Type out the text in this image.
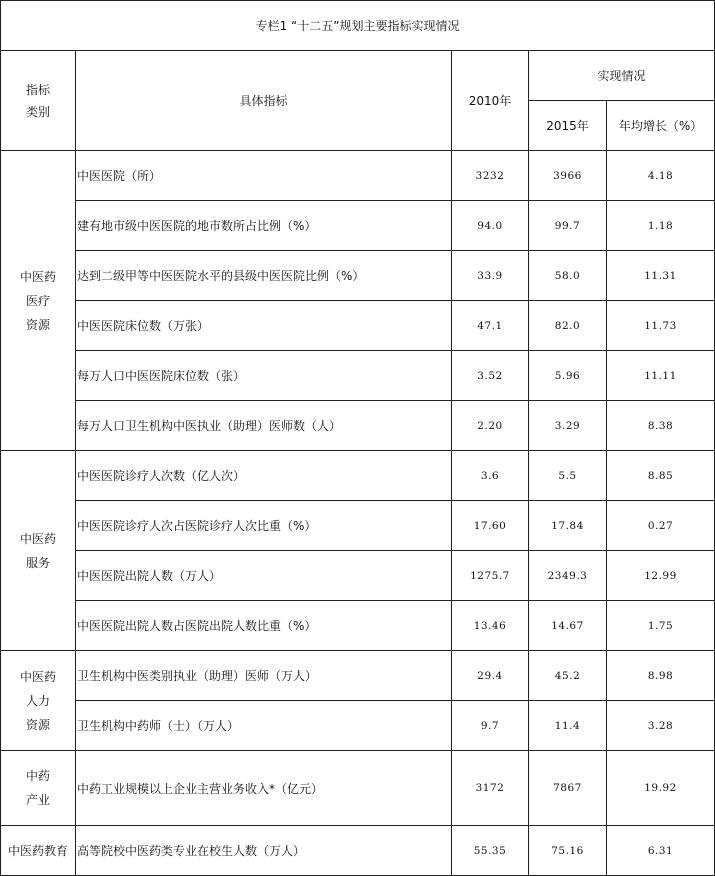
专栏1 “十二五”规划主要指标实现情况				
指标
类别	具体指标	2010年	实现情况	
			2015年	年均增长（%）
中医药
医疗
资源	中医医院（所）	3232	3966	4.18
	建有地市级中医医院的地市数所占比例（%）	94.0	99.7	1.18
	达到二级甲等中医医院水平的县级中医医院比例（%）	33.9	58.0	11.31
	中医医院床位数（万张）	47.1	82.0	11.73
	每万人口中医医院床位数（张）	3.52	5.96	11.11
	每万人口卫生机构中医执业（助理）医师数（人）	2.20	3.29	8.38
中医药
服务	中医医院诊疗人次数（亿人次）	3.6	5.5	8.85
	中医医院诊疗人次占医院诊疗人次比重（%）	17.60	17.84	0.27
	中医医院出院人数（万人）	1275.7	2349.3	12.99
	中医医院出院人数占医院出院人数比重（%）	13.46	14.67	1.75
中医药
人力
资源	卫生机构中医类别执业（助理）医师（万人）	29.4	45.2	8.98
	卫生机构中药师（士）（万人）	9.7	11.4	3.28
中药
产业	中药工业规模以上企业主营业务收入*（亿元）	3172	7867	19.92
中医药教育	高等院校中医药类专业在校生人数（万人）	55.35	75.16	6.31
